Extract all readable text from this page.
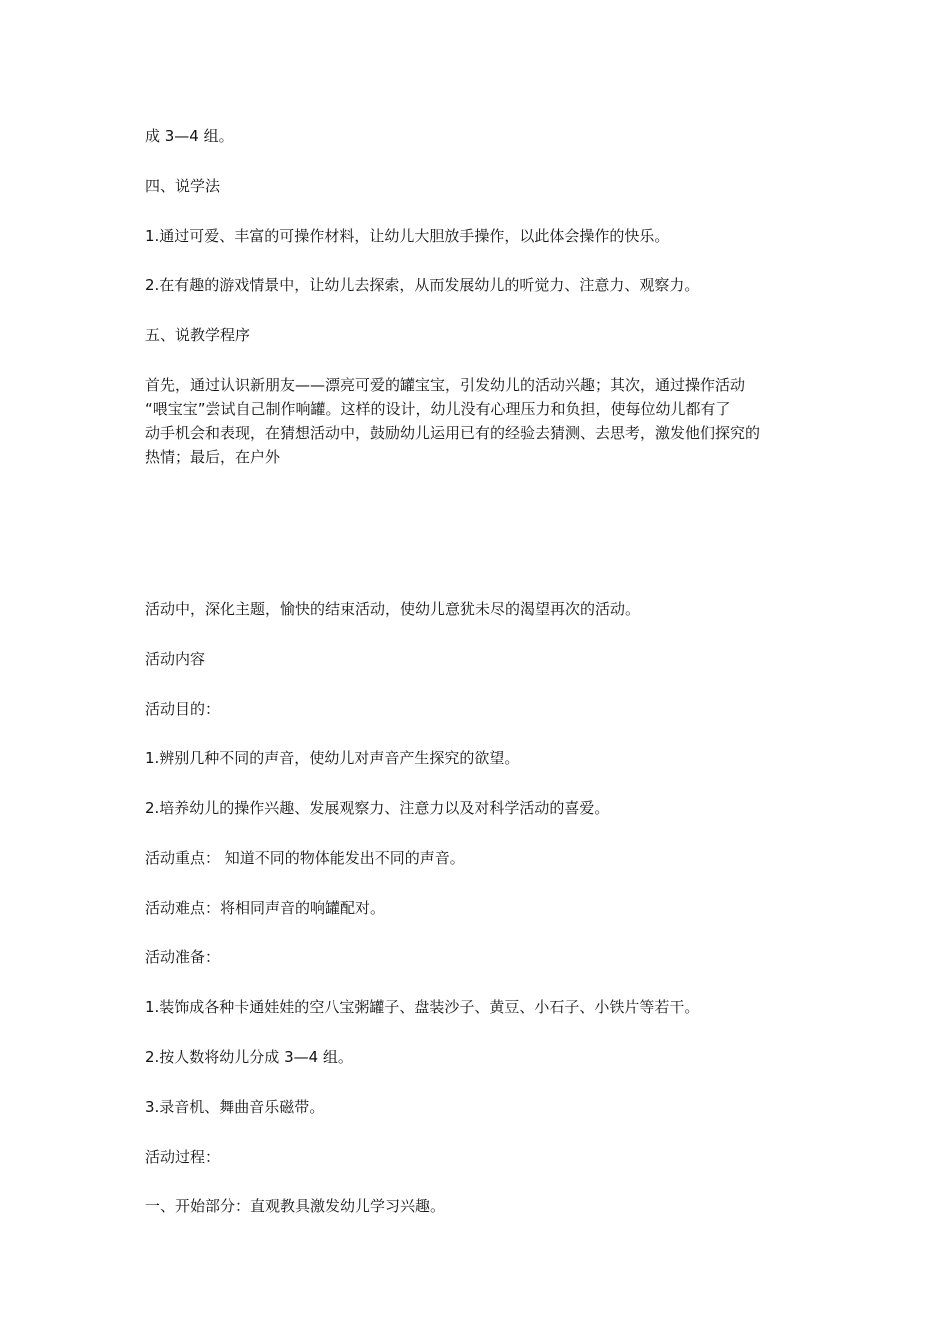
成 3—4 组。
四、说学法
1.通过可爱、丰富的可操作材料，让幼儿大胆放手操作，以此体会操作的快乐。
2.在有趣的游戏情景中，让幼儿去探索，从而发展幼儿的听觉力、注意力、观察力。
五、说教学程序
首先，通过认识新朋友——漂亮可爱的罐宝宝，引发幼儿的活动兴趣；其次，通过操作活动
“喂宝宝”尝试自己制作响罐。这样的设计，幼儿没有心理压力和负担，使每位幼儿都有了
动手机会和表现，在猜想活动中，鼓励幼儿运用已有的经验去猜测、去思考，激发他们探究的
热情；最后，在户外
活动中，深化主题，愉快的结束活动，使幼儿意犹未尽的渴望再次的活动。
活动内容
活动目的：
1.辨别几种不同的声音，使幼儿对声音产生探究的欲望。
2.培养幼儿的操作兴趣、发展观察力、注意力以及对科学活动的喜爱。
活动重点： 知道不同的物体能发出不同的声音。
活动难点：将相同声音的响罐配对。
活动准备：
1.装饰成各种卡通娃娃的空八宝粥罐子、盘装沙子、黄豆、小石子、小铁片等若干。
2.按人数将幼儿分成 3—4 组。
3.录音机、舞曲音乐磁带。
活动过程：
一、开始部分：直观教具激发幼儿学习兴趣。
